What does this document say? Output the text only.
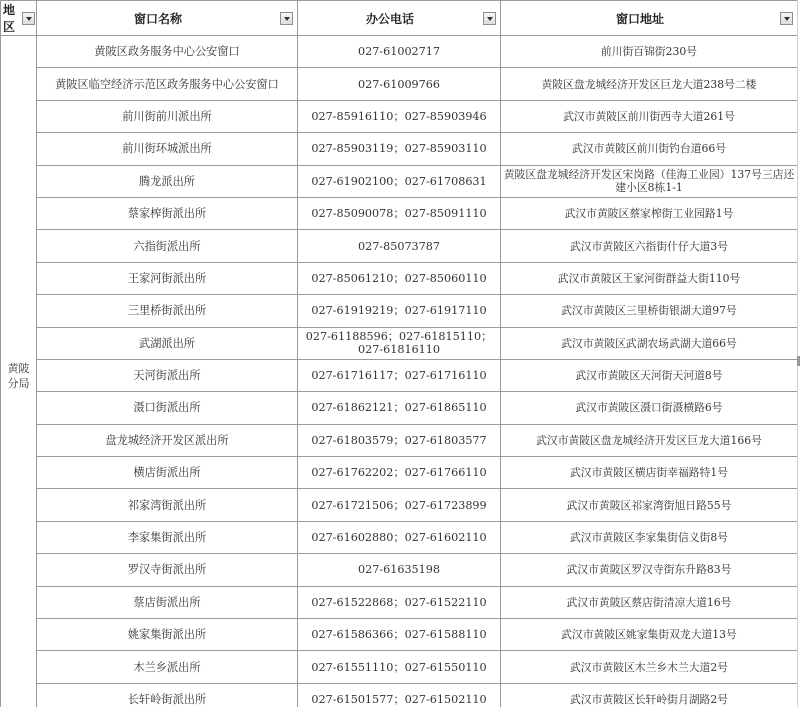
地区	窗口名称	办公电话	窗口地址

黄陂
分局	黄陂区政务服务中心公安窗口	027-61002717	前川街百锦街230号
	黄陂区临空经济示范区政务服务中心公安窗口	027-61009766	黄陂区盘龙城经济开发区巨龙大道238号二楼
	前川街前川派出所	027-85916110；027-85903946	武汉市黄陂区前川街西寺大道261号
	前川街环城派出所	027-85903119；027-85903110	武汉市黄陂区前川街钓台道66号
	腾龙派出所	027-61902100；027-61708631	黄陂区盘龙城经济开发区宋岗路（佳海工业园）137号三店还建小区8栋1-1
	蔡家榨街派出所	027-85090078；027-85091110	武汉市黄陂区蔡家榨街工业园路1号
	六指街派出所	027-85073787	武汉市黄陂区六指街什仔大道3号
	王家河街派出所	027-85061210；027-85060110	武汉市黄陂区王家河街群益大街110号
	三里桥街派出所	027-61919219；027-61917110	武汉市黄陂区三里桥街银湖大道97号
	武湖派出所	027-61188596；027-61815110；027-61816110	武汉市黄陂区武湖农场武湖大道66号
	天河街派出所	027-61716117；027-61716110	武汉市黄陂区天河街天河道8号
	滠口街派出所	027-61862121；027-61865110	武汉市黄陂区滠口街滠横路6号
	盘龙城经济开发区派出所	027-61803579；027-61803577	武汉市黄陂区盘龙城经济开发区巨龙大道166号
	横店街派出所	027-61762202；027-61766110	武汉市黄陂区横店街幸福路特1号
	祁家湾街派出所	027-61721506；027-61723899	武汉市黄陂区祁家湾街旭日路55号
	李家集街派出所	027-61602880；027-61602110	武汉市黄陂区李家集街信义街8号
	罗汉寺街派出所	027-61635198	武汉市黄陂区罗汉寺街东升路83号
	蔡店街派出所	027-61522868；027-61522110	武汉市黄陂区蔡店街清凉大道16号
	姚家集街派出所	027-61586366；027-61588110	武汉市黄陂区姚家集街双龙大道13号
	木兰乡派出所	027-61551110；027-61550110	武汉市黄陂区木兰乡木兰大道2号
	长轩岭街派出所	027-61501577；027-61502110	武汉市黄陂区长轩岭街月湖路2号
